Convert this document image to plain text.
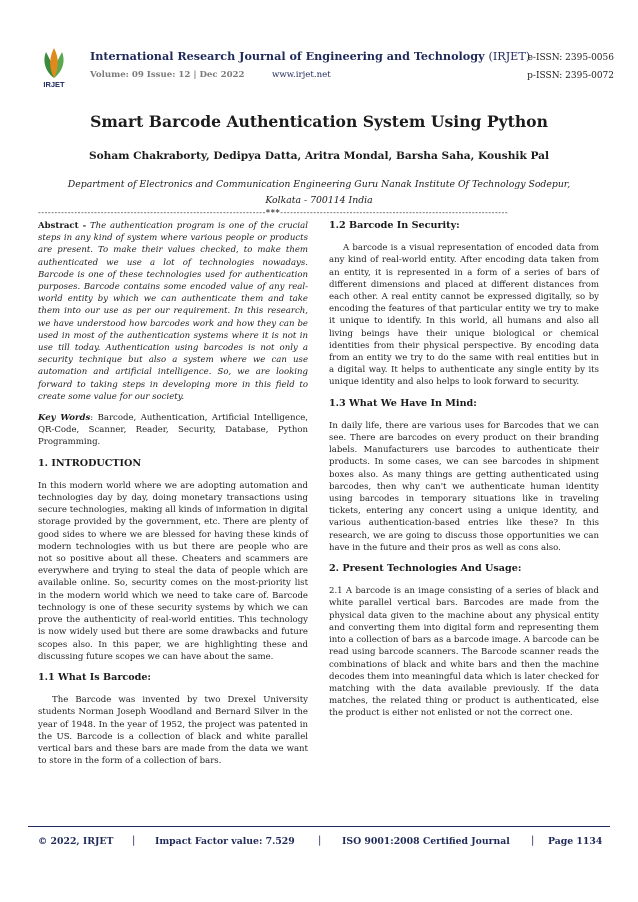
IRJET
International Research Journal of Engineering and Technology (IRJET)
e-ISSN: 2395-0056
Volume: 09 Issue: 12 | Dec 2022	www.irjet.net	p-ISSN: 2395-0072
Smart Barcode Authentication System Using Python
Soham Chakraborty, Dedipya Datta, Aritra Mondal, Barsha Saha, Koushik Pal
Department of Electronics and Communication Engineering Guru Nanak Institute Of Technology Sodepur,
Kolkata - 700114 India
---------------------------------------------------------------------***---------------------------------------------------------------------

Abstract - The authentication program is one of the crucial steps in any kind of system where various people or products are present. To make their values checked, to make them authenticated we use a lot of technologies nowadays. Barcode is one of these technologies used for authentication purposes. Barcode contains some encoded value of any real-world entity by which we can authenticate them and take them into our use as per our requirement. In this research, we have understood how barcodes work and how they can be used in most of the authentication systems where it is not in use till today. Authentication using barcodes is not only a security technique but also a system where we can use automation and artificial intelligence. So, we are looking forward to taking steps in developing more in this field to create some value for our society.

Key Words: Barcode, Authentication, Artificial Intelligence, QR-Code, Scanner, Reader, Security, Database, Python Programming.

1. INTRODUCTION

In this modern world where we are adopting automation and technologies day by day, doing monetary transactions using secure technologies, making all kinds of information in digital storage provided by the government, etc. There are plenty of good sides to where we are blessed for having these kinds of modern technologies with us but there are people who are not so positive about all these. Cheaters and scammers are everywhere and trying to steal the data of people which are available online. So, security comes on the most-priority list in the modern world which we need to take care of. Barcode technology is one of these security systems by which we can prove the authenticity of real-world entities. This technology is now widely used but there are some drawbacks and future scopes also. In this paper, we are highlighting these and discussing future scopes we can have about the same.

1.1 What Is Barcode:

The Barcode was invented by two Drexel University students Norman Joseph Woodland and Bernard Silver in the year of 1948. In the year of 1952, the project was patented in the US. Barcode is a collection of black and white parallel vertical bars and these bars are made from the data we want to store in the form of a collection of bars.

1.2 Barcode In Security:

A barcode is a visual representation of encoded data from any kind of real-world entity. After encoding data taken from an entity, it is represented in a form of a series of bars of different dimensions and placed at different distances from each other. A real entity cannot be expressed digitally, so by encoding the features of that particular entity we try to make it unique to identify. In this world, all humans and also all living beings have their unique biological or chemical identities from their physical perspective. By encoding data from an entity we try to do the same with real entities but in a digital way. It helps to authenticate any single entity by its unique identity and also helps to look forward to security.

1.3 What We Have In Mind:

In daily life, there are various uses for Barcodes that we can see. There are barcodes on every product on their branding labels. Manufacturers use barcodes to authenticate their products. In some cases, we can see barcodes in shipment boxes also. As many things are getting authenticated using barcodes, then why can't we authenticate human identity using barcodes in temporary situations like in traveling tickets, entering any concert using a unique identity, and various authentication-based entries like these? In this research, we are going to discuss those opportunities we can have in the future and their pros as well as cons also.

2. Present Technologies And Usage:

2.1 A barcode is an image consisting of a series of black and white parallel vertical bars. Barcodes are made from the physical data given to the machine about any physical entity and converting them into digital form and representing them into a collection of bars as a barcode image. A barcode can be read using barcode scanners. The Barcode scanner reads the combinations of black and white bars and then the machine decodes them into meaningful data which is later checked for matching with the data available previously. If the data matches, the related thing or product is authenticated, else the product is either not enlisted or not the correct one.

© 2022, IRJET | Impact Factor value: 7.529 | ISO 9001:2008 Certified Journal | Page 1134
